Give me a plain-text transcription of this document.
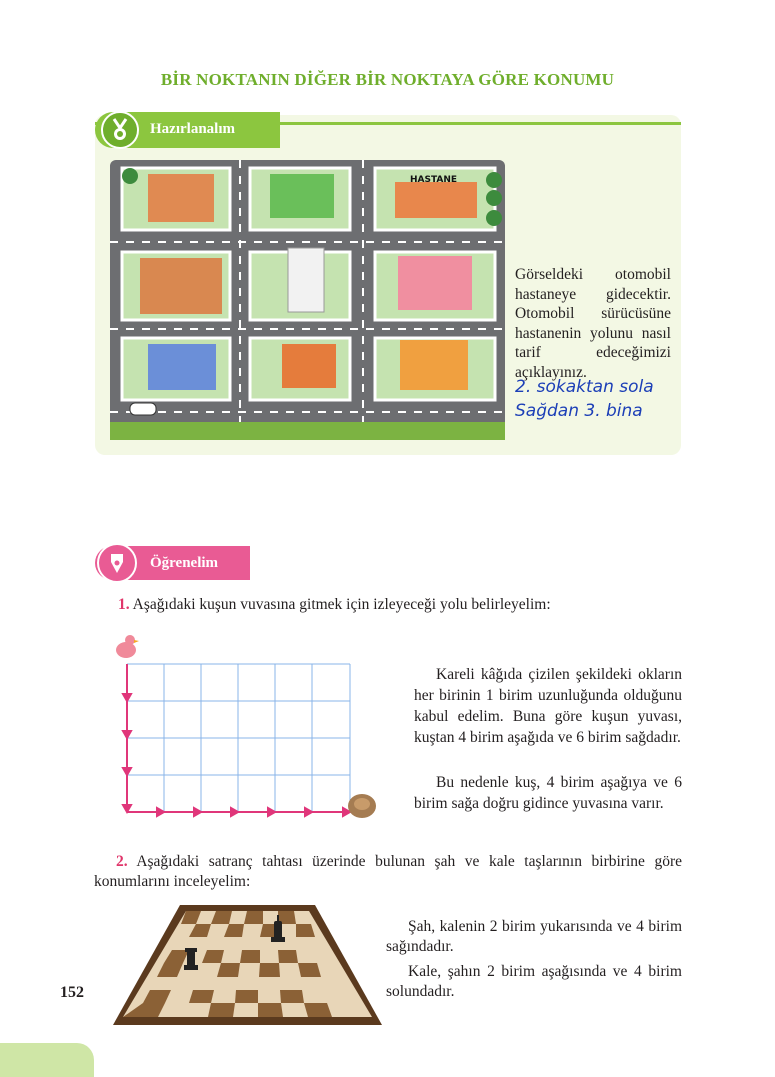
BİR NOKTANIN DİĞER BİR NOKTAYA GÖRE KONUMU
Hazırlanalım
HASTANE
Görseldeki otomobil hastaneye gidecektir. Otomobil sürücüsüne hastanenin yolunu nasıl tarif edeceğimizi açıklayınız.
2. sokaktan sola
Sağdan 3. bina
Öğrenelim
1. Aşağıdaki kuşun vuvasına gitmek için izleyeceği yolu belirleyelim:
Kareli kâğıda çizilen şekildeki okların her birinin 1 birim uzunluğunda olduğunu kabul edelim. Buna göre kuşun yuvası, kuştan 4 birim aşağıda ve 6 birim sağdadır.
Bu nedenle kuş, 4 birim aşağıya ve 6 birim sağa doğru gidince yuvasına varır.
2. Aşağıdaki satranç tahtası üzerinde bulunan şah ve kale taşlarının birbirine göre konumlarını inceleyelim:
Şah, kalenin 2 birim yukarısında ve 4 birim sağındadır.
Kale, şahın 2 birim aşağısında ve 4 birim solundadır.
152
